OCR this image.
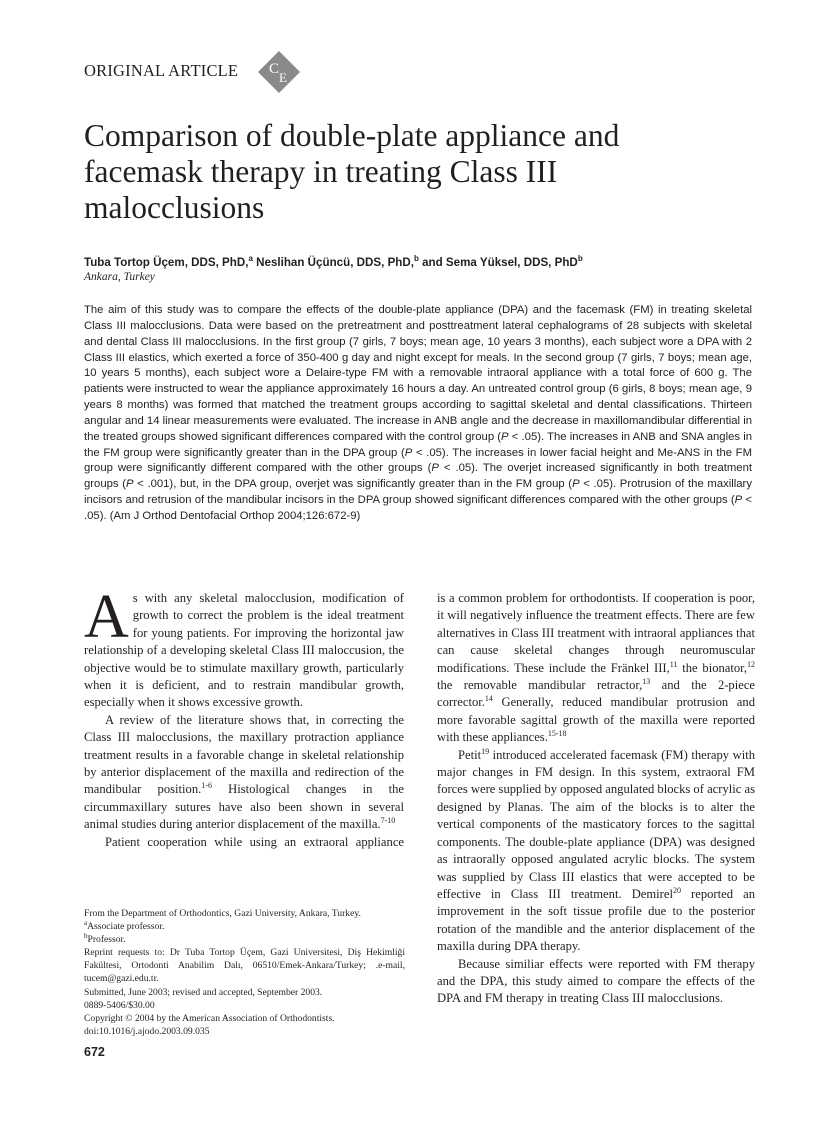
ORIGINAL ARTICLE C
E
Comparison of double-plate appliance and facemask therapy in treating Class III malocclusions
Tuba Tortop Üçem, DDS, PhD,$^a$ Neslihan Üçüncü, DDS, PhD,$^b$ and Sema Yüksel, DDS, PhD$^b$
Ankara, Turkey
The aim of this study was to compare the effects of the double-plate appliance (DPA) and the facemask (FM) in treating skeletal Class III malocclusions. Data were based on the pretreatment and posttreatment lateral cephalograms of 28 subjects with skeletal and dental Class III malocclusions. In the first group (7 girls, 7 boys; mean age, 10 years 3 months), each subject wore a DPA with 2 Class III elastics, which exerted a force of 350-400 g day and night except for meals. In the second group (7 girls, 7 boys; mean age, 10 years 5 months), each subject wore a Delaire-type FM with a removable intraoral appliance with a total force of 600 g. The patients were instructed to wear the appliance approximately 16 hours a day. An untreated control group (6 girls, 8 boys; mean age, 9 years 8 months) was formed that matched the treatment groups according to sagittal skeletal and dental classifications. Thirteen angular and 14 linear measurements were evaluated. The increase in ANB angle and the decrease in maxillomandibular differential in the treated groups showed significant differences compared with the control group (P < .05). The increases in ANB and SNA angles in the FM group were significantly greater than in the DPA group (P < .05). The increases in lower facial height and Me-ANS in the FM group were significantly different compared with the other groups (P < .05). The overjet increased significantly in both treatment groups (P < .001), but, in the DPA group, overjet was significantly greater than in the FM group (P < .05). Protrusion of the maxillary incisors and retrusion of the mandibular incisors in the DPA group showed significant differences compared with the other groups (P < .05). (Am J Orthod Dentofacial Orthop 2004;126:672-9)

As with any skeletal malocclusion, modification of growth to correct the problem is the ideal treatment for young patients. For improving the horizontal jaw relationship of a developing skeletal Class III maloccusion, the objective would be to stimulate maxillary growth, particularly when it is deficient, and to restrain mandibular growth, especially when it shows excessive growth.

A review of the literature shows that, in correcting the Class III malocclusions, the maxillary protraction appliance treatment results in a favorable change in skeletal relationship by anterior displacement of the maxilla and redirection of the mandibular position.$^{1-6}$ Histological changes in the circummaxillary sutures have also been shown in several animal studies during anterior displacement of the maxilla.$^{7-10}$

Patient cooperation while using an extraoral appliance

is a common problem for orthodontists. If cooperation is poor, it will negatively influence the treatment effects. There are few alternatives in Class III treatment with intraoral appliances that can cause skeletal changes through neuromuscular modifications. These include the Fränkel III,$^{11}$ the bionator,$^{12}$ the removable mandibular retractor,$^{13}$ and the 2-piece corrector.$^{14}$ Generally, reduced mandibular protrusion and more favorable sagittal growth of the maxilla were reported with these appliances.$^{15-18}$

Petit$^{19}$ introduced accelerated facemask (FM) therapy with major changes in FM design. In this system, extraoral FM forces were supplied by opposed angulated blocks of acrylic as designed by Planas. The aim of the blocks is to alter the vertical components of the masticatory forces to the sagittal components. The double-plate appliance (DPA) was designed as intraorally opposed angulated acrylic blocks. The system was supplied by Class III elastics that were accepted to be effective in Class III treatment. Demirel$^{20}$ reported an improvement in the soft tissue profile due to the posterior rotation of the mandible and the anterior displacement of the maxilla during DPA therapy.

Because similiar effects were reported with FM therapy and the DPA, this study aimed to compare the effects of the DPA and FM therapy in treating Class III malocclusions.

From the Department of Orthodontics, Gazi University, Ankara, Turkey.
$^a$Associate professor.
$^b$Professor.
Reprint requests to: Dr Tuba Tortop Üçem, Gazi Universitesi, Diş Hekimliği Fakültesi, Ortodonti Anabilim Dalı, 06510/Emek-Ankara/Turkey; .e-mail, tucem@gazi.edu.tr.
Submitted, June 2003; revised and accepted, September 2003.
0889-5406/$30.00
Copyright © 2004 by the American Association of Orthodontists.
doi:10.1016/j.ajodo.2003.09.035
672
